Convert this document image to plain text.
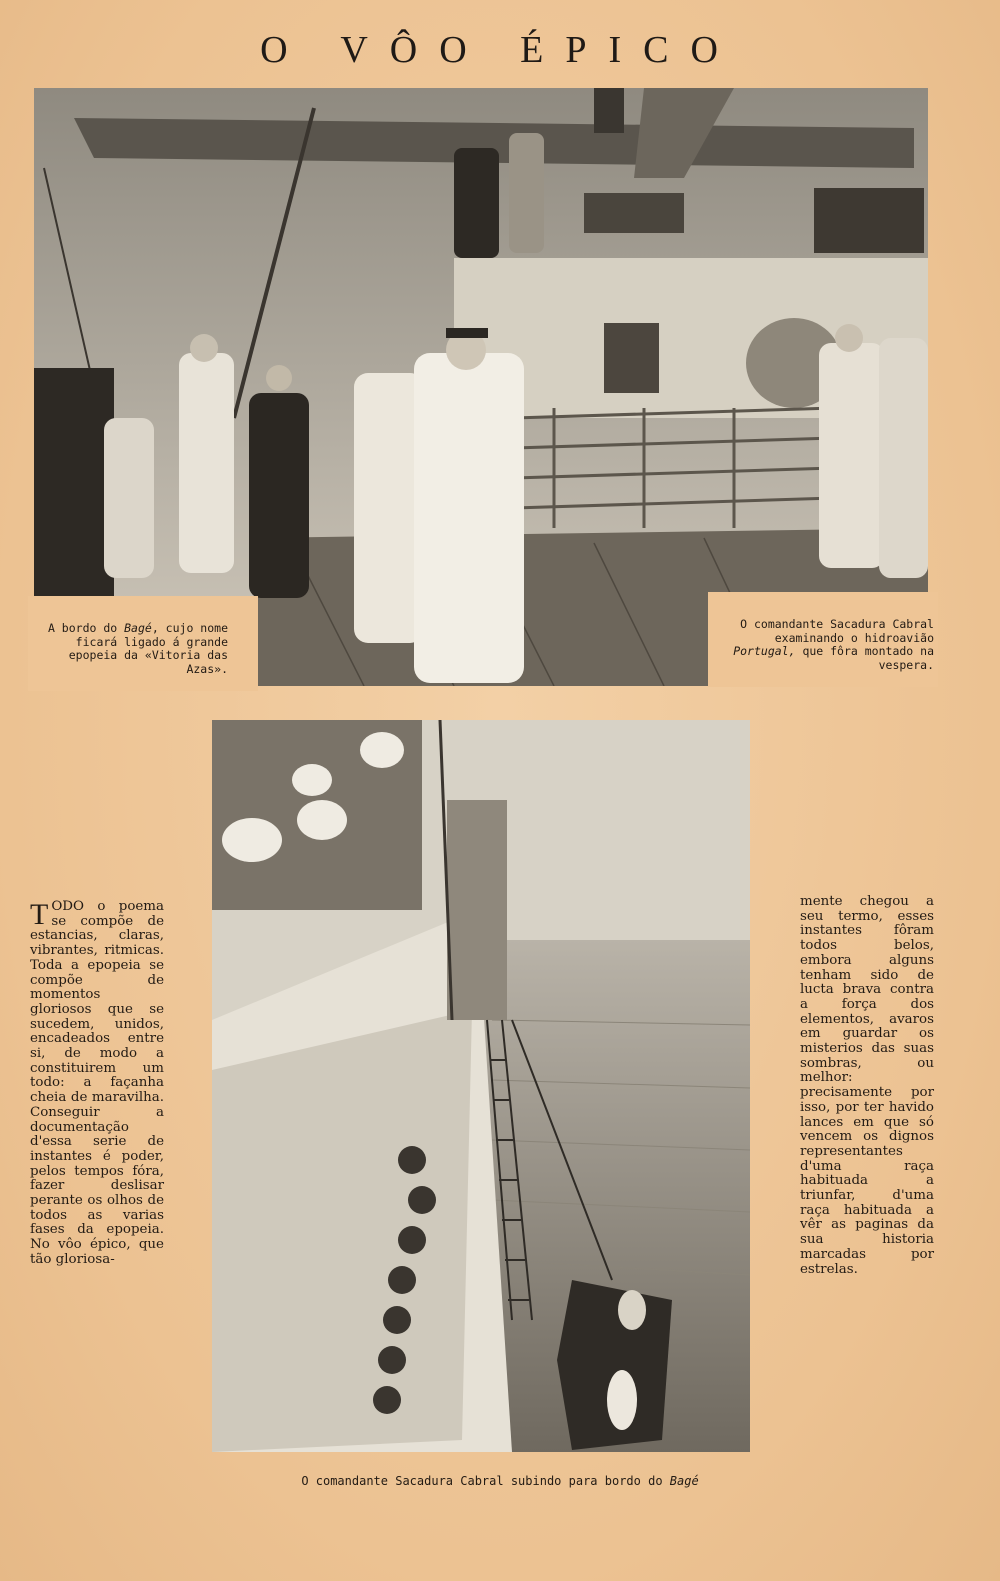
O VÔO ÉPICO
A bordo do Bagé, cujo nome ficará ligado á grande epopeia da «Vitoria das Azas».
O comandante Sacadura Cabral examinando o hidroavião Portugal, que fôra montado na vespera.
TODO o poema se compõe de estancias, claras, vibrantes, ritmicas. Toda a epopeia se compõe de momentos gloriosos que se sucedem, unidos, encadeados entre si, de modo a constituirem um todo: a façanha cheia de maravilha. Conseguir a documentação d'essa serie de instantes é poder, pelos tempos fóra, fazer deslisar perante os olhos de todos as varias fases da epopeia. No vôo épico, que tão gloriosa-
mente chegou a seu termo, esses instantes fôram todos belos, embora alguns tenham sido de lucta brava contra a força dos elementos, avaros em guardar os misterios das suas sombras, ou melhor: precisamente por isso, por ter havido lances em que só vencem os dignos representantes d'uma raça habituada a triunfar, d'uma raça habituada a vêr as paginas da sua historia marcadas por estrelas.
O comandante Sacadura Cabral subindo para bordo do Bagé
